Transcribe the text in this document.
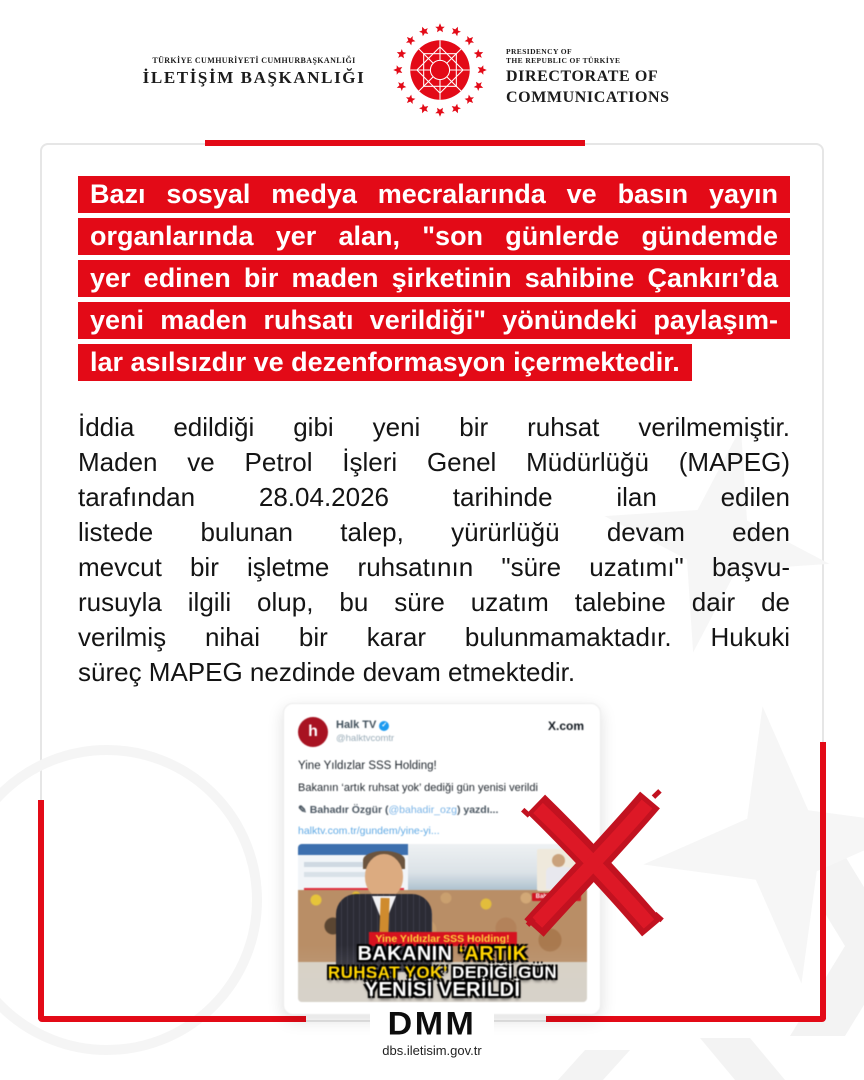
TÜRKİYE CUMHURİYETİ CUMHURBAŞKANLIĞI
İLETİŞİM BAŞKANLIĞI
PRESIDENCY OF
THE REPUBLIC OF TÜRKİYE
DIRECTORATE OF
COMMUNICATIONS
Bazı sosyal medya mecralarında ve basın yayın
organlarında yer alan, "son günlerde gündemde
yer edinen bir maden şirketinin sahibine Çankırı’da
yeni maden ruhsatı verildiği" yönündeki paylaşım-
lar asılsızdır ve dezenformasyon içermektedir.
İddia edildiği gibi yeni bir ruhsat verilmemiştir.
Maden ve Petrol İşleri Genel Müdürlüğü (MAPEG)
tarafından 28.04.2026 tarihinde ilan edilen
listede bulunan talep, yürürlüğü devam eden
mevcut bir işletme ruhsatının "süre uzatımı" başvu-
rusuyla ilgili olup, bu süre uzatım talebine dair de
verilmiş nihai bir karar bulunmamaktadır. Hukuki
süreç MAPEG nezdinde devam etmektedir.
h	Halk TV ✓
@halktvcomtr
X.com
Yine Yıldızlar SSS Holding!
Bakanın ‘artık ruhsat yok’ dediği gün yenisi verildi
✎ Bahadır Özgür (@bahadir_ozg) yazdı...
halktv.com.tr/gundem/yine-yi...
Bahadır Özgür
Yine Yıldızlar SSS Holding!
BAKANIN ‘ARTIK
RUHSAT YOK’ DEDİĞİ GÜN
YENİSİ VERİLDİ
DMM
dbs.iletisim.gov.tr
